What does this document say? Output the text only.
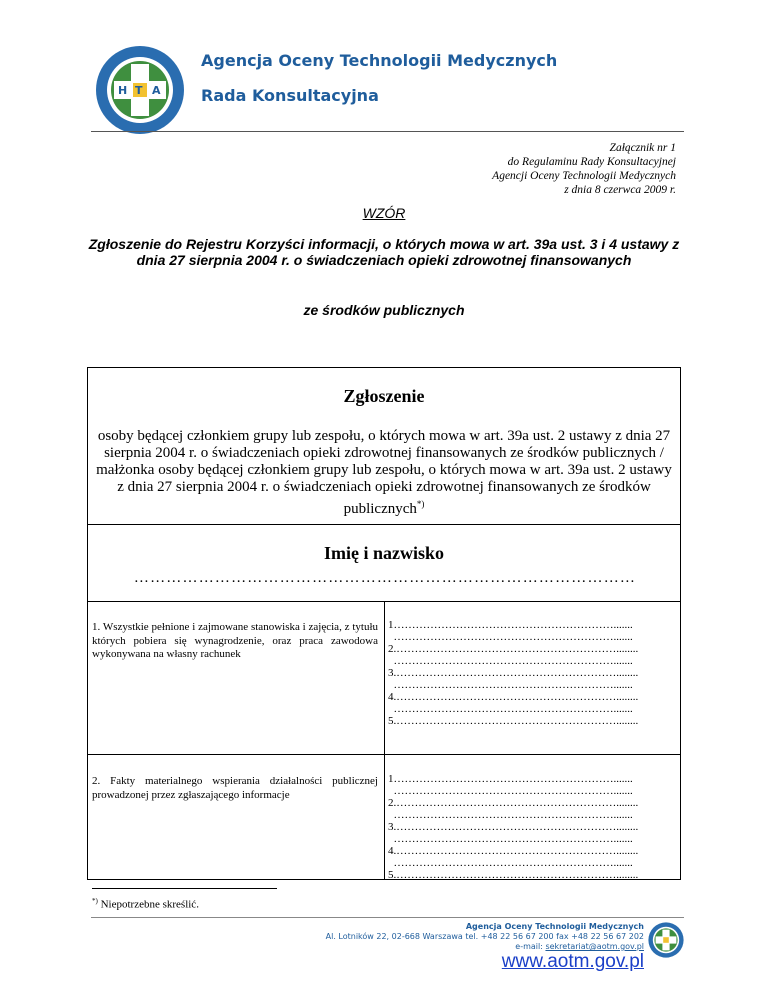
H T A
Agencja Oceny Technologii Medycznych
Rada Konsultacyjna
Załącznik nr 1
do Regulaminu Rady Konsultacyjnej
Agencji Oceny Technologii Medycznych
z dnia 8 czerwca 2009 r.
WZÓR
Zgłoszenie do Rejestru Korzyści informacji, o których mowa w art. 39a ust. 3 i 4 ustawy z dnia 27 sierpnia 2004 r. o świadczeniach opieki zdrowotnej finansowanych
ze środków publicznych
Zgłoszenie
osoby będącej członkiem grupy lub zespołu, o których mowa w art. 39a ust. 2 ustawy z dnia 27 sierpnia 2004 r. o świadczeniach opieki zdrowotnej finansowanych ze środków publicznych / małżonka osoby będącej członkiem grupy lub zespołu, o których mowa w art. 39a ust. 2 ustawy z dnia 27 sierpnia 2004 r. o świadczeniach opieki zdrowotnej finansowanych ze środków publicznych*)
Imię i nazwisko
…………………………………………………………………………………
1. Wszystkie pełnione i zajmowane stanowiska i zajęcia, z tytułu których pobiera się wynagrodzenie, oraz praca zawodowa wykonywana na własny rachunek
1…………………………………………………….......
…………………………………………………….......
2.……………………………………………………........
…………………………………………………….......
3.……………………………………………………........
…………………………………………………….......
4.……………………………………………………........
…………………………………………………….......
5.……………………………………………………........
2. Fakty materialnego wspierania działalności publicznej prowadzonej przez zgłaszającego informacje
1…………………………………………………….......
…………………………………………………….......
2.……………………………………………………........
…………………………………………………….......
3.……………………………………………………........
…………………………………………………….......
4.……………………………………………………........
…………………………………………………….......
5.……………………………………………………........
*) Niepotrzebne skreślić.
Agencja Oceny Technologii Medycznych
Al. Lotników 22, 02-668 Warszawa tel. +48 22 56 67 200 fax +48 22 56 67 202
e-mail: sekretariat@aotm.gov.pl
www.aotm.gov.pl
